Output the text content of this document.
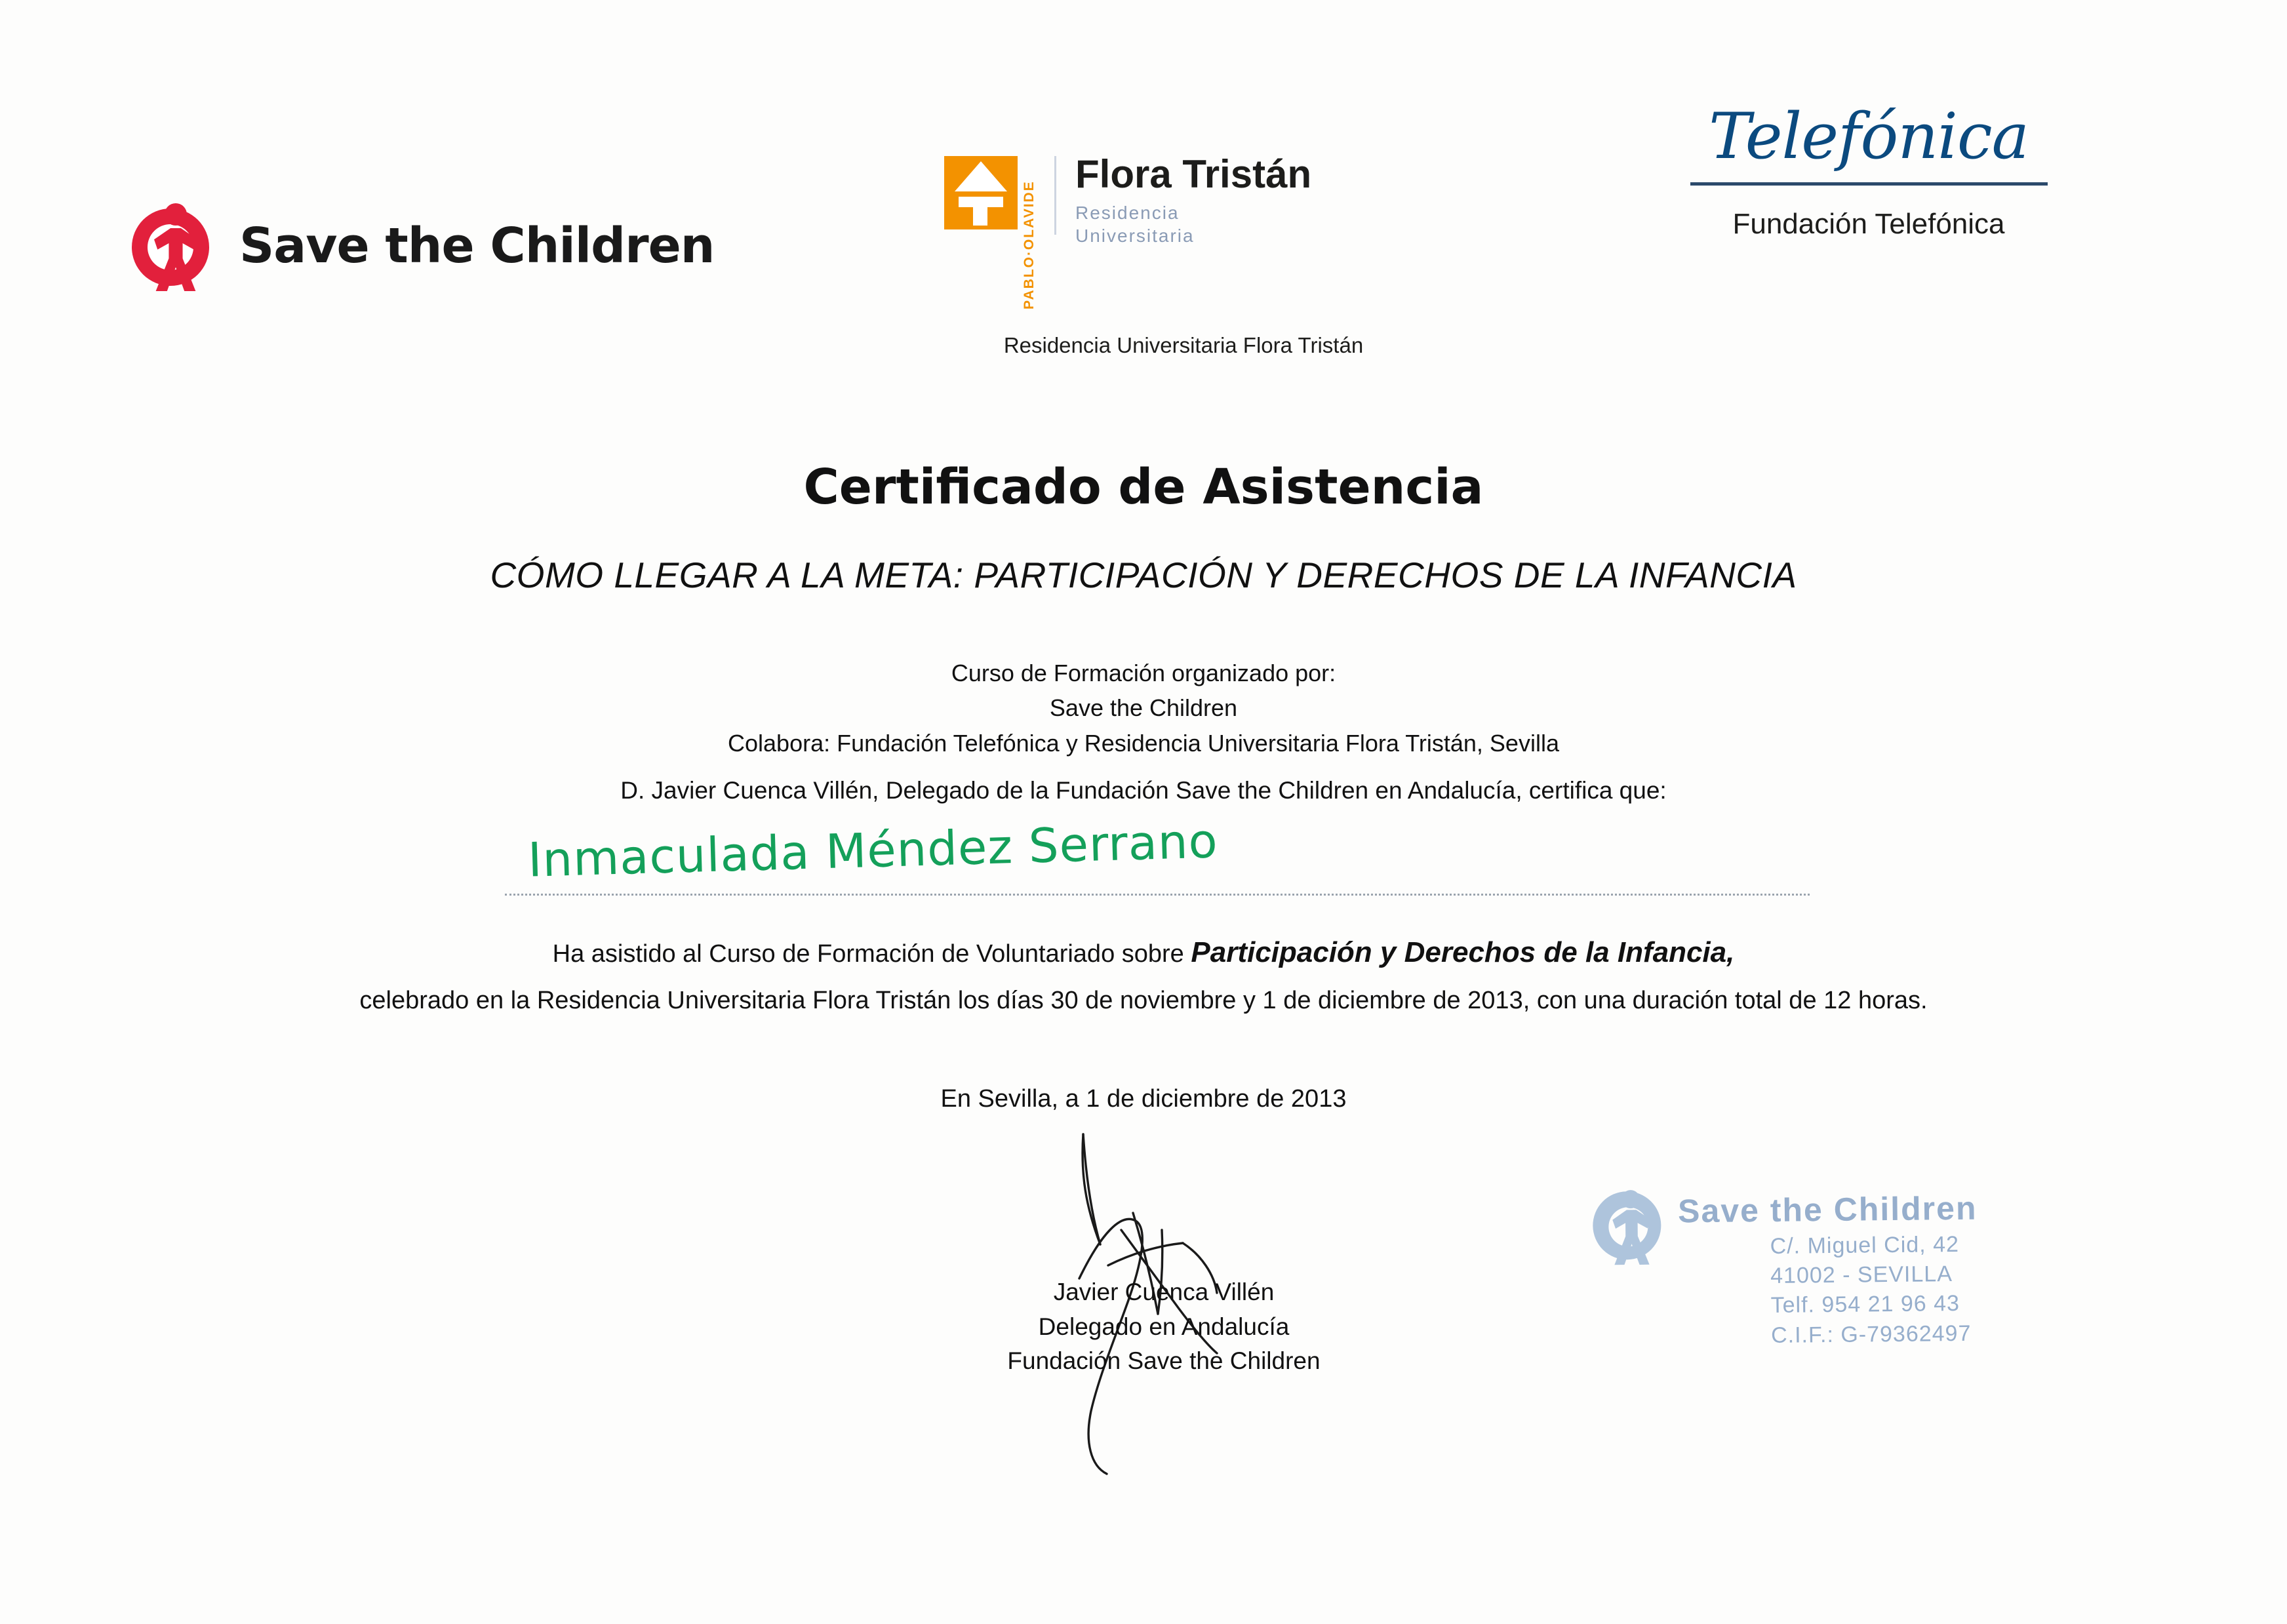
Save the Children	PABLO·OLAVIDE
Flora Tristán
Residencia
Universitaria
Residencia Universitaria Flora Tristán
Telefónica
Fundación Telefónica
Certificado de Asistencia
CÓMO LLEGAR A LA META: PARTICIPACIÓN Y DERECHOS DE LA INFANCIA
Curso de Formación organizado por:
Save the Children
Colabora: Fundación Telefónica y Residencia Universitaria Flora Tristán, Sevilla
D. Javier Cuenca Villén, Delegado de la Fundación Save the Children en Andalucía, certifica que:
Inmaculada Méndez Serrano
Ha asistido al Curso de Formación de Voluntariado sobre Participación y Derechos de la Infancia,
celebrado en la Residencia Universitaria Flora Tristán los días 30 de noviembre y 1 de diciembre de 2013, con una duración total de 12 horas.
En Sevilla, a 1 de diciembre de 2013
Javier Cuenca Villén
Delegado en Andalucía
Fundación Save the Children
Save the Children
C/. Miguel Cid, 42
41002 - SEVILLA
Telf. 954 21 96 43
C.I.F.: G-79362497
